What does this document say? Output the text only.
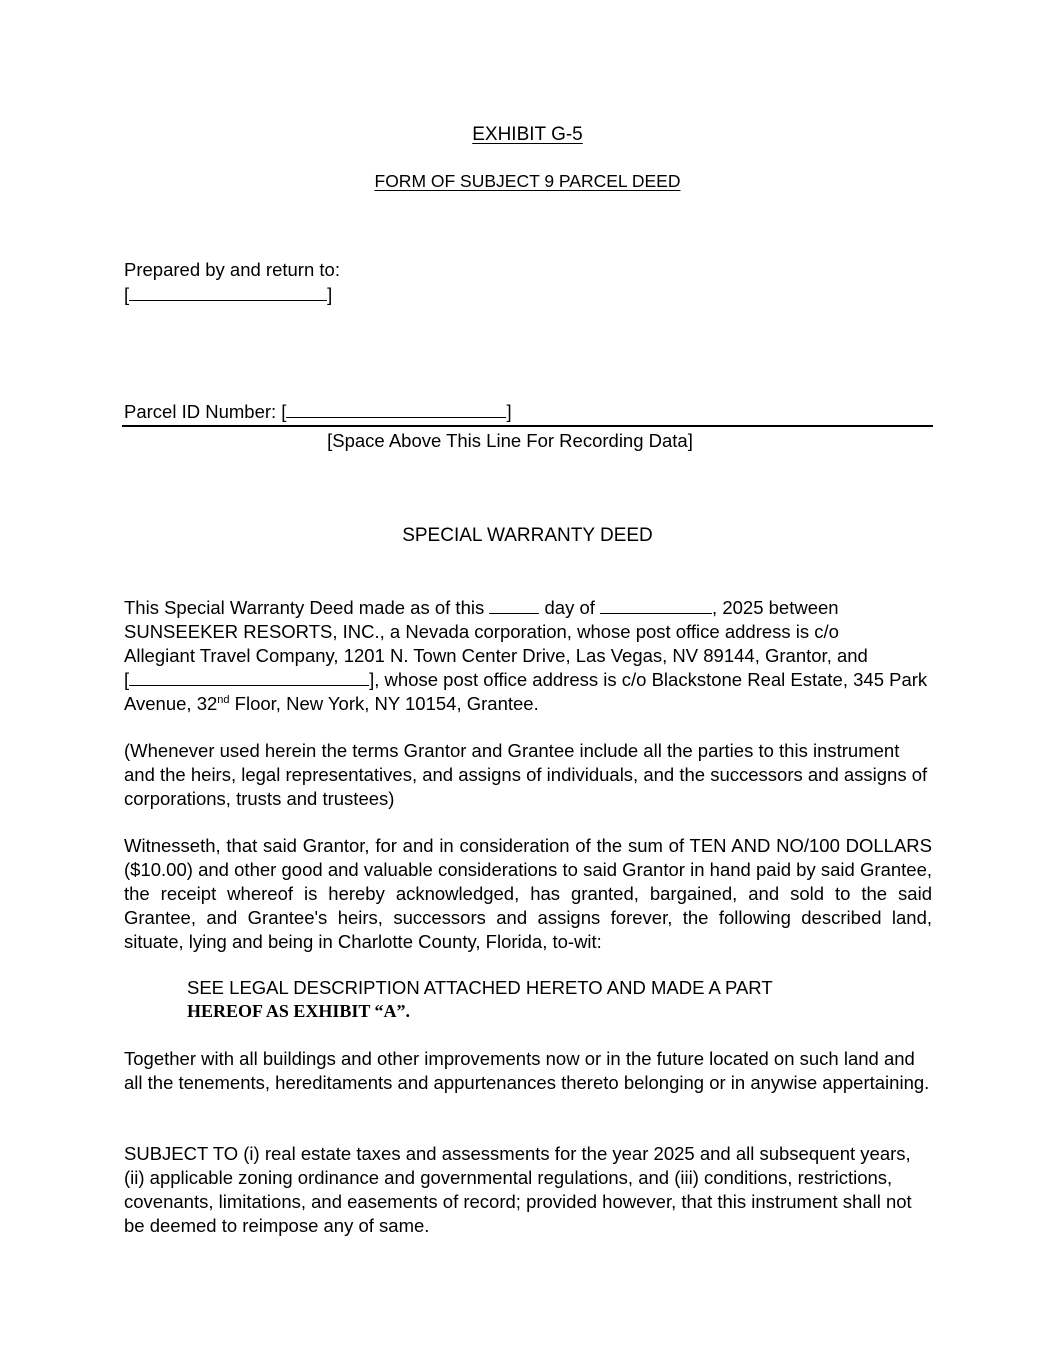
EXHIBIT G-5
FORM OF SUBJECT 9 PARCEL DEED
Prepared by and return to:
[	]
Parcel ID Number: [	]
[Space Above This Line For Recording Data]
SPECIAL WARRANTY DEED
This Special Warranty Deed made as of this	day of	, 2025 between
SUNSEEKER RESORTS, INC., a Nevada corporation, whose post office address is c/o
Allegiant Travel Company, 1201 N. Town Center Drive, Las Vegas, NV 89144, Grantor, and
[	], whose post office address is c/o Blackstone Real Estate, 345 Park
Avenue, 32nd Floor, New York, NY 10154, Grantee.
(Whenever used herein the terms Grantor and Grantee include all the parties to this instrument and the heirs, legal representatives, and assigns of individuals, and the successors and assigns of corporations, trusts and trustees)
Witnesseth, that said Grantor, for and in consideration of the sum of TEN AND NO/100 DOLLARS ($10.00) and other good and valuable considerations to said Grantor in hand paid by said Grantee, the receipt whereof is hereby acknowledged, has granted, bargained, and sold to the said Grantee, and Grantee's heirs, successors and assigns forever, the following described land, situate, lying and being in Charlotte County, Florida, to-wit:
SEE LEGAL DESCRIPTION ATTACHED HERETO AND MADE A PART
HEREOF AS EXHIBIT “A”.
Together with all buildings and other improvements now or in the future located on such land and all the tenements, hereditaments and appurtenances thereto belonging or in anywise appertaining.
SUBJECT TO (i) real estate taxes and assessments for the year 2025 and all subsequent years, (ii) applicable zoning ordinance and governmental regulations, and (iii) conditions, restrictions, covenants, limitations, and easements of record; provided however, that this instrument shall not be deemed to reimpose any of same.
